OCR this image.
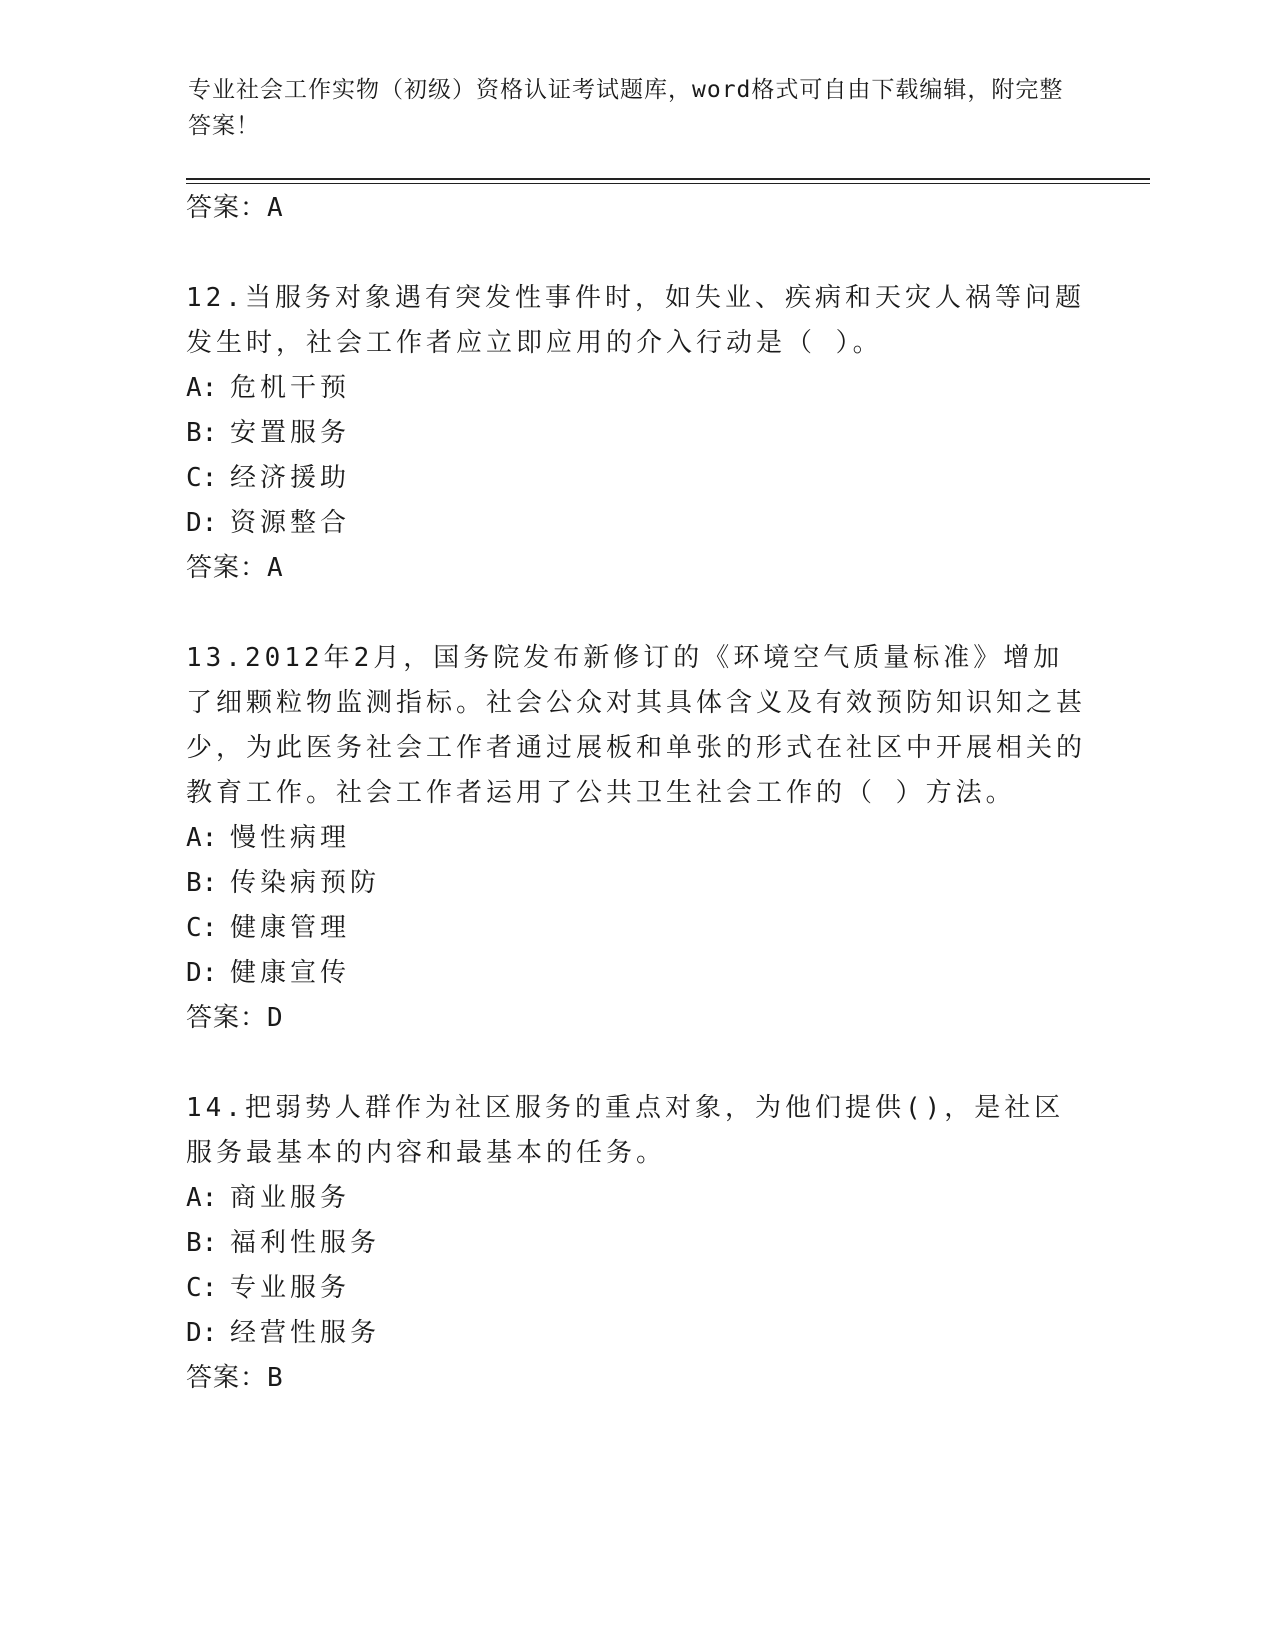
专业社会工作实物（初级）资格认证考试题库，word格式可自由下载编辑，附完整答案！
答案：A
12.当服务对象遇有突发性事件时，如失业、疾病和天灾人祸等问题发生时，社会工作者应立即应用的介入行动是（ ）。
A: 危机干预
B: 安置服务
C: 经济援助
D: 资源整合
答案：A
13.2012年2月，国务院发布新修订的《环境空气质量标准》增加了细颗粒物监测指标。社会公众对其具体含义及有效预防知识知之甚少，为此医务社会工作者通过展板和单张的形式在社区中开展相关的教育工作。社会工作者运用了公共卫生社会工作的（ ）方法。
A: 慢性病理
B: 传染病预防
C: 健康管理
D: 健康宣传
答案：D
14.把弱势人群作为社区服务的重点对象，为他们提供()，是社区服务最基本的内容和最基本的任务。
A: 商业服务
B: 福利性服务
C: 专业服务
D: 经营性服务
答案：B
